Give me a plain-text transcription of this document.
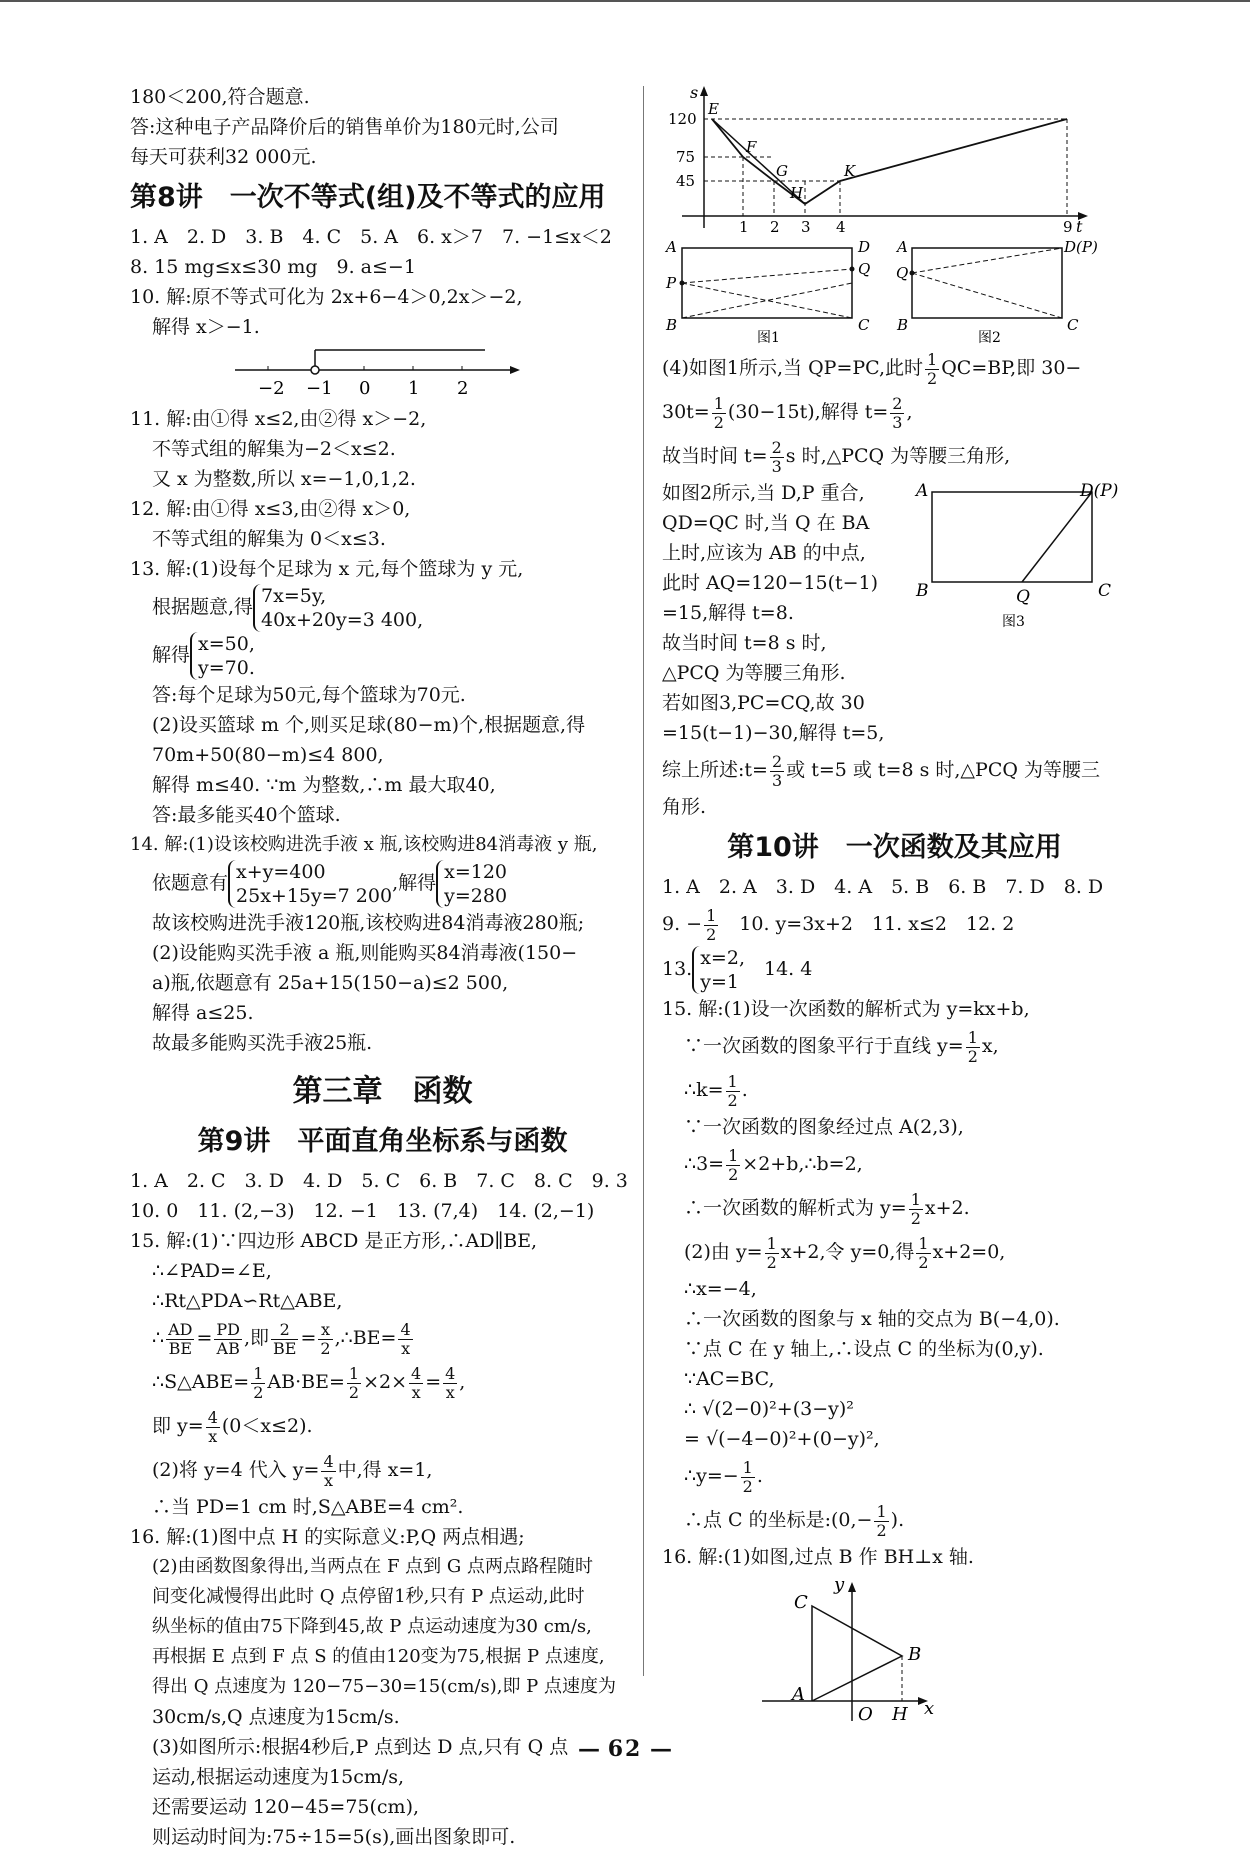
180＜200,符合题意.

答:这种电子产品降价后的销售单价为180元时,公司

每天可获利32 000元.

第8讲　一次不等式(组)及不等式的应用

1. A　2. D　3. B　4. C　5. A　6. x＞7　7. −1≤x＜2

8. 15 mg≤x≤30 mg　9. a≤−1

10. 解:原不等式可化为 2x+6−4＞0,2x＞−2,

解得 x＞−1.

−2 −1 0 1 2

11. 解:由①得 x≤2,由②得 x＞−2,

不等式组的解集为−2＜x≤2.

又 x 为整数,所以 x=−1,0,1,2.

12. 解:由①得 x≤3,由②得 x＞0,

不等式组的解集为 0＜x≤3.

13. 解:(1)设每个足球为 x 元,每个篮球为 y 元,

根据题意,得 7x=5y,
40x+20y=3 400,

解得 x=50,
y=70.

答:每个足球为50元,每个篮球为70元.

(2)设买篮球 m 个,则买足球(80−m)个,根据题意,得

70m+50(80−m)≤4 800,

解得 m≤40. ∵m 为整数,∴m 最大取40,

答:最多能买40个篮球.

14. 解:(1)设该校购进洗手液 x 瓶,该校购进84消毒液 y 瓶,

依题意有 x+y=400
25x+15y=7 200
,解得 x=120
y=280

故该校购进洗手液120瓶,该校购进84消毒液280瓶;

(2)设能购买洗手液 a 瓶,则能购买84消毒液(150−

a)瓶,依题意有 25a+15(150−a)≤2 500,

解得 a≤25.

故最多能购买洗手液25瓶.

第三章　函数
第9讲　平面直角坐标系与函数

1. A　2. C　3. D　4. D　5. C　6. B　7. C　8. C　9. 3

10. 0　11. (2,−3)　12. −1　13. (7,4)　14. (2,−1)

15. 解:(1)∵四边形 ABCD 是正方形,∴AD∥BE,

∴∠PAD=∠E,

∴Rt△PDA∽Rt△ABE,

∴ $\frac{AD}{BE} = \frac{PD}{AB}$ ,即 $\frac{2}{BE} = \frac{x}{2}$ ,∴BE= $\frac{4}{x}$

∴S△ABE= $\frac{1}{2} AB\cdot BE= \frac{1}{2} \times 2\times \frac{4}{x} = \frac{4}{x}$ ,

即 $y= \frac{4}{x} (0<x\le 2)$.

(2)将 y=4 代入 $y= \frac{4}{x}$ 中,得 x=1,

∴当 PD=1 cm 时,S△ABE=4 cm².

16. 解:(1)图中点 H 的实际意义:P,Q 两点相遇;

(2)由函数图象得出,当两点在 F 点到 G 点两点路程随时

间变化减慢得出此时 Q 点停留1秒,只有 P 点运动,此时

纵坐标的值由75下降到45,故 P 点运动速度为30 cm/s,

再根据 E 点到 F 点 S 的值由120变为75,根据 P 点速度,

得出 Q 点速度为 120−75−30=15(cm/s),即 P 点速度为

30cm/s,Q 点速度为15cm/s.

(3)如图所示:根据4秒后,P 点到达 D 点,只有 Q 点

运动,根据运动速度为15cm/s,

还需要运动 120−45=75(cm),

则运动时间为:75÷15=5(s),画出图象即可.

s
t
120
75
45
1 2 3 4	9
E
F
G
H
K
A	D
P
Q
B	C
图1
A	D(P)
Q
B	C
图2

(4)如图1所示,当 QP=PC,此时 $\frac{1}{2} QC=BP$,即 30−

$30t= \frac{1}{2} (30-15t)$,解得 $t= \frac{2}{3}$ ,

故当时间 $t= \frac{2}{3}$ s 时,△PCQ 为等腰三角形,

如图2所示,当 D,P 重合,

QD=QC 时,当 Q 在 BA

上时,应该为 AB 的中点,

此时 AQ=120−15(t−1)

=15,解得 t=8.

故当时间 t=8 s 时,

△PCQ 为等腰三角形.

若如图3,PC=CQ,故 30

=15(t−1)−30,解得 t=5,

A	D(P)
B	Q	C
图3

综上所述:t= $\frac{2}{3}$ 或 t=5 或 t=8 s 时,△PCQ 为等腰三

角形.

第10讲　一次函数及其应用

1. A　2. A　3. D　4. A　5. B　6. B　7. D　8. D

9. − $\frac{1}{2}$ 　10. y=3x+2　11. x≤2　12. 2

13. x=2,
y=1
　14. 4

15. 解:(1)设一次函数的解析式为 y=kx+b,

∵一次函数的图象平行于直线 $y= \frac{1}{2} x$,

∴k= $\frac{1}{2}$ .

∵一次函数的图象经过点 A(2,3),

∴3= $\frac{1}{2}$ ×2+b,∴b=2,

∴一次函数的解析式为 $y= \frac{1}{2} x+2$.

(2)由 $y= \frac{1}{2} x+2$,令 y=0,得 $\frac{1}{2} x+2=0$,

∴x=−4,

∴一次函数的图象与 x 轴的交点为 B(−4,0).

∵点 C 在 y 轴上,∴设点 C 的坐标为(0,y).

∵AC=BC,

∴ √(2−0)²+(3−y)²

= √(−4−0)²+(0−y)²,

∴y=− $\frac{1}{2}$ .

∴点 C 的坐标是:(0,− $\frac{1}{2}$ ).

16. 解:(1)如图,过点 B 作 BH⊥x 轴.

C
y
B
A
O H x
— 62 —
